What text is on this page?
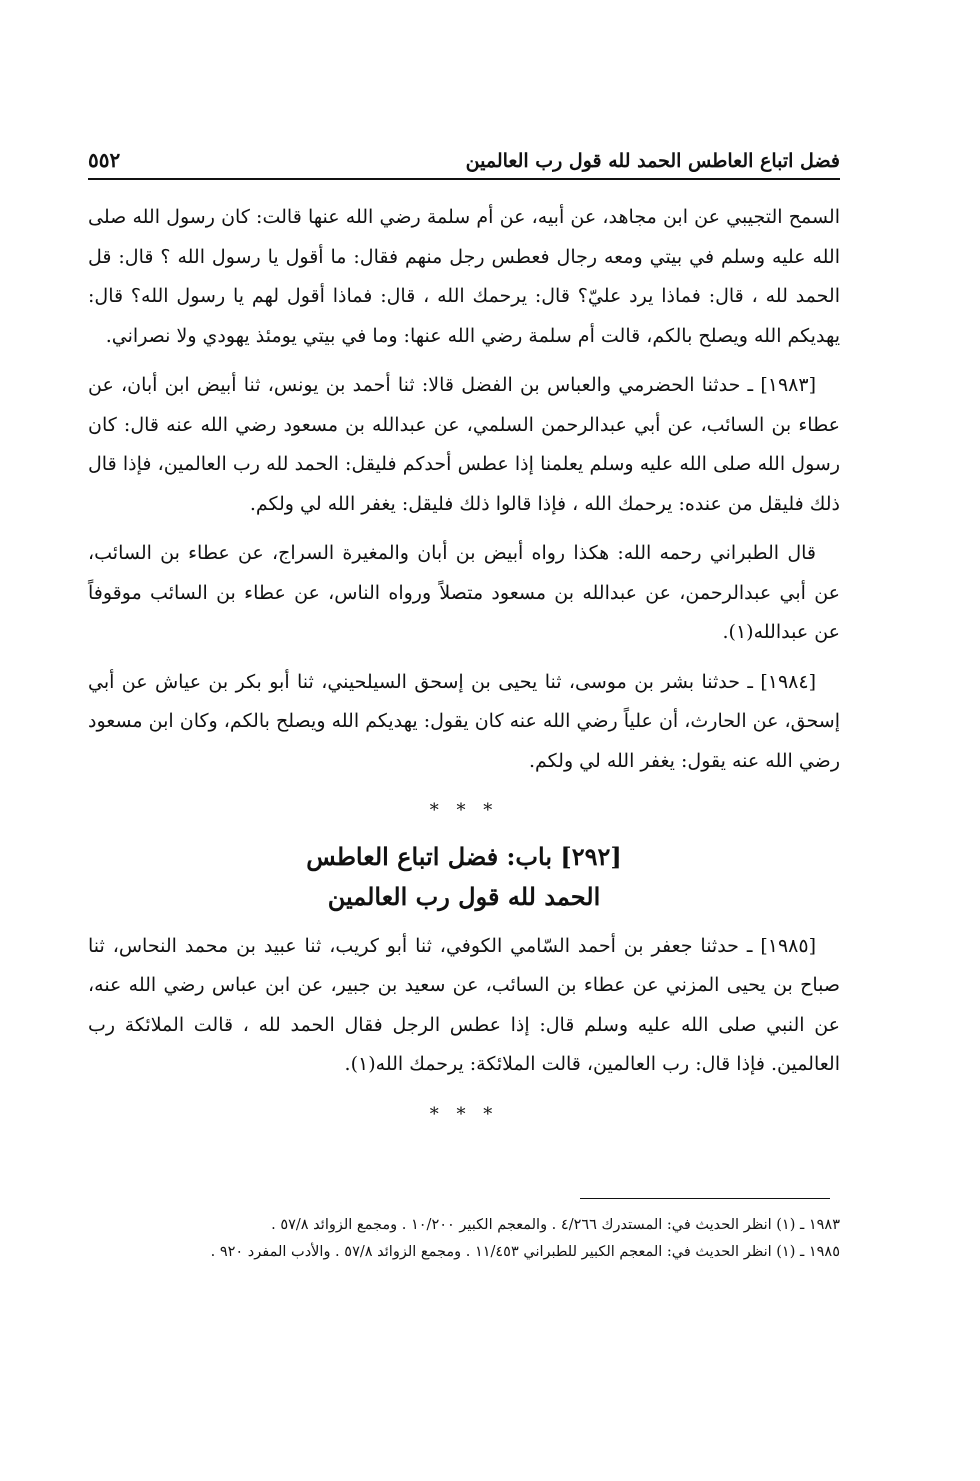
فضل اتباع العاطس الحمد لله قول رب العالمين
٥٥٢

السمح التجيبي عن ابن مجاهد، عن أبيه، عن أم سلمة رضي الله عنها قالت: كان رسول الله صلى الله عليه وسلم في بيتي ومعه رجال فعطس رجل منهم فقال: ما أقول يا رسول الله ؟ قال: قل الحمد لله ، قال: فماذا يرد عليّ؟ قال: يرحمك الله ، قال: فماذا أقول لهم يا رسول الله؟ قال: يهديكم الله ويصلح بالكم، قالت أم سلمة رضي الله عنها: وما في بيتي يومئذ يهودي ولا نصراني.

[١٩٨٣] ـ حدثنا الحضرمي والعباس بن الفضل قالا: ثنا أحمد بن يونس، ثنا أبيض ابن أبان، عن عطاء بن السائب، عن أبي عبدالرحمن السلمي، عن عبدالله بن مسعود رضي الله عنه قال: كان رسول الله صلى الله عليه وسلم يعلمنا إذا عطس أحدكم فليقل: الحمد لله رب العالمين، فإذا قال ذلك فليقل من عنده: يرحمك الله ، فإذا قالوا ذلك فليقل: يغفر الله لي ولكم.

قال الطبراني رحمه الله: هكذا رواه أبيض بن أبان والمغيرة السراج، عن عطاء بن السائب، عن أبي عبدالرحمن، عن عبدالله بن مسعود متصلاً ورواه الناس، عن عطاء بن السائب موقوفاً عن عبدالله(١).

[١٩٨٤] ـ حدثنا بشر بن موسى، ثنا يحيى بن إسحق السيلحيني، ثنا أبو بكر بن عياش عن أبي إسحق، عن الحارث، أن علياً رضي الله عنه كان يقول: يهديكم الله ويصلح بالكم، وكان ابن مسعود رضي الله عنه يقول: يغفر الله لي ولكم.

* * *
[٢٩٢] باب: فضل اتباع العاطس
الحمد لله قول رب العالمين

[١٩٨٥] ـ حدثنا جعفر بن أحمد السّامي الكوفي، ثنا أبو كريب، ثنا عبيد بن محمد النحاس، ثنا صباح بن يحيى المزني عن عطاء بن السائب، عن سعيد بن جبير، عن ابن عباس رضي الله عنه، عن النبي صلى الله عليه وسلم قال: إذا عطس الرجل فقال الحمد لله ، قالت الملائكة رب العالمين. فإذا قال: رب العالمين، قالت الملائكة: يرحمك الله(١).

* * *

١٩٨٣ ـ (١) انظر الحديث في: المستدرك ٤/٢٦٦ . والمعجم الكبير ١٠/٢٠٠ . ومجمع الزوائد ٥٧/٨ .

١٩٨٥ ـ (١) انظر الحديث في: المعجم الكبير للطبراني ١١/٤٥٣ . ومجمع الزوائد ٥٧/٨ . والأدب المفرد ٩٢٠ .
